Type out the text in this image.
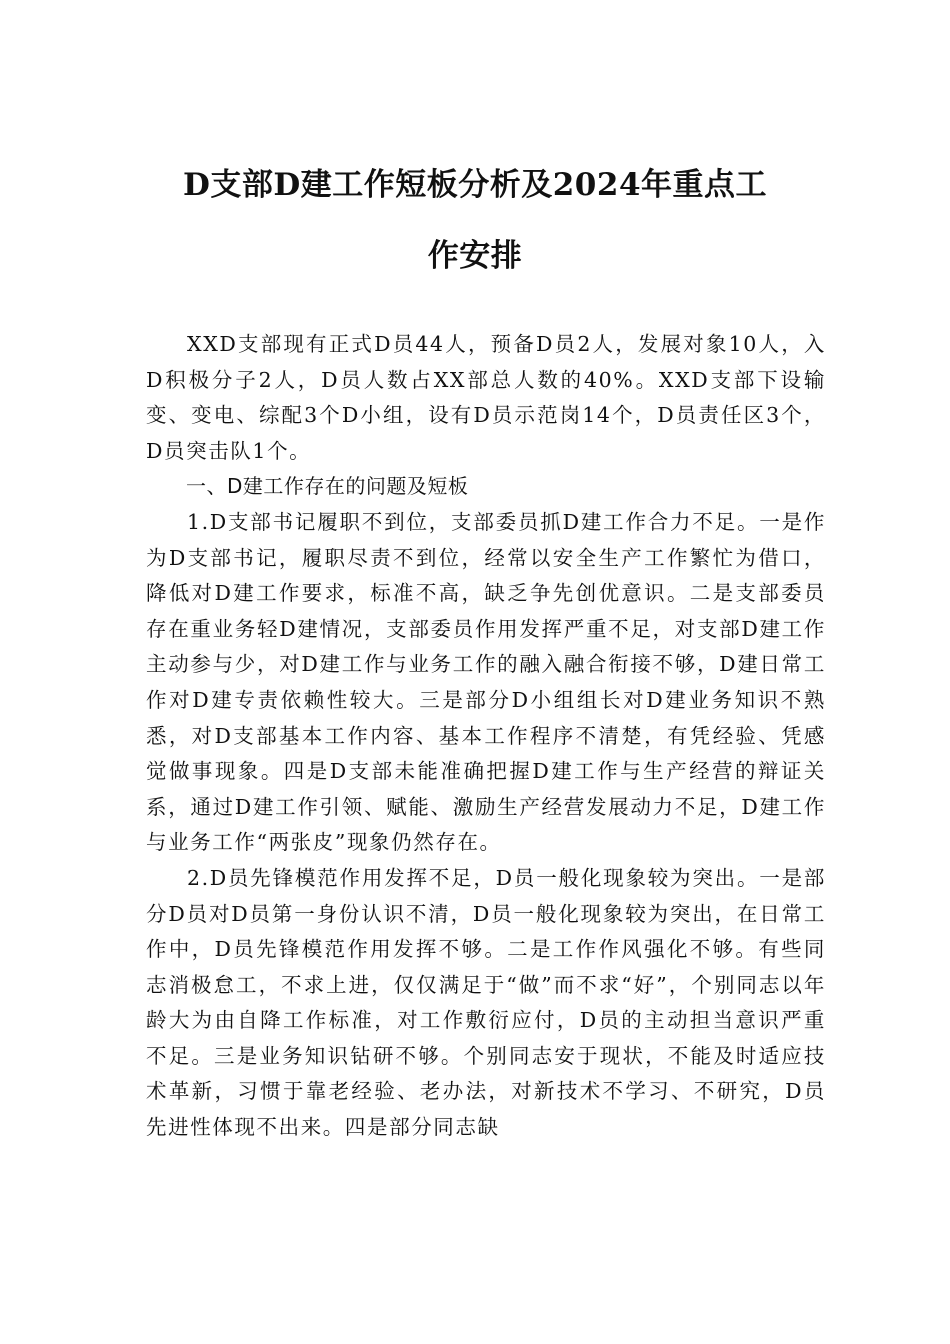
D支部D建工作短板分析及2024年重点工
作安排

XXD支部现有正式D员44人，预备D员2人，发展对象10人，入D积极分子2人，D员人数占XX部总人数的40%。XXD支部下设输变、变电、综配3个D小组，设有D员示范岗14个，D员责任区3个，D员突击队1个。

一、D建工作存在的问题及短板

1.D支部书记履职不到位，支部委员抓D建工作合力不足。一是作为D支部书记，履职尽责不到位，经常以安全生产工作繁忙为借口，降低对D建工作要求，标准不高，缺乏争先创优意识。二是支部委员存在重业务轻D建情况，支部委员作用发挥严重不足，对支部D建工作主动参与少，对D建工作与业务工作的融入融合衔接不够，D建日常工作对D建专责依赖性较大。三是部分D小组组长对D建业务知识不熟悉，对D支部基本工作内容、基本工作程序不清楚，有凭经验、凭感觉做事现象。四是D支部未能准确把握D建工作与生产经营的辩证关系，通过D建工作引领、赋能、激励生产经营发展动力不足，D建工作与业务工作“两张皮”现象仍然存在。

2.D员先锋模范作用发挥不足，D员一般化现象较为突出。一是部分D员对D员第一身份认识不清，D员一般化现象较为突出，在日常工作中，D员先锋模范作用发挥不够。二是工作作风强化不够。有些同志消极怠工，不求上进，仅仅满足于“做”而不求“好”，个别同志以年龄大为由自降工作标准，对工作敷衍应付，D员的主动担当意识严重不足。三是业务知识钻研不够。个别同志安于现状，不能及时适应技术革新，习惯于靠老经验、老办法，对新技术不学习、不研究，D员先进性体现不出来。四是部分同志缺
